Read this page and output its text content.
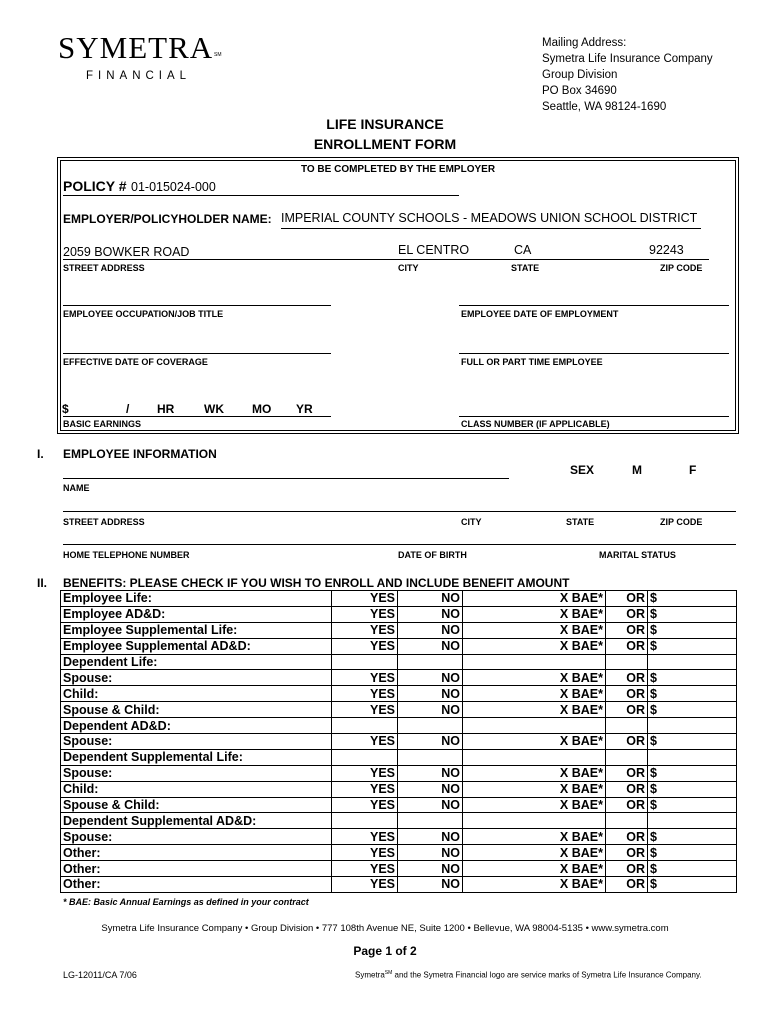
SYMETRA SM
FINANCIAL
Mailing Address:
Symetra Life Insurance Company
Group Division
PO Box 34690
Seattle, WA 98124-1690
LIFE INSURANCE
ENROLLMENT FORM
TO BE COMPLETED BY THE EMPLOYER
POLICY # 01-015024-000
EMPLOYER/POLICYHOLDER NAME: IMPERIAL COUNTY SCHOOLS - MEADOWS UNION SCHOOL DISTRICT
2059 BOWKER ROAD	EL CENTRO	CA	92243
STREET ADDRESS	CITY	STATE	ZIP CODE
EMPLOYEE OCCUPATION/JOB TITLE	EMPLOYEE DATE OF EMPLOYMENT
EFFECTIVE DATE OF COVERAGE	FULL OR PART TIME EMPLOYEE
$	/ HR WK MO YR
BASIC EARNINGS	CLASS NUMBER (IF APPLICABLE)
I. EMPLOYEE INFORMATION
SEX	M	F
NAME
STREET ADDRESS	CITY	STATE	ZIP CODE
HOME TELEPHONE NUMBER	DATE OF BIRTH	MARITAL STATUS
II. BENEFITS: PLEASE CHECK IF YOU WISH TO ENROLL AND INCLUDE BENEFIT AMOUNT
Employee Life:	YES	NO	X BAE*	OR	$
Employee AD&D:	YES	NO	X BAE*	OR	$
Employee Supplemental Life:	YES	NO	X BAE*	OR	$
Employee Supplemental AD&D:	YES	NO	X BAE*	OR	$
Dependent Life:					
Spouse:	YES	NO	X BAE*	OR	$
Child:	YES	NO	X BAE*	OR	$
Spouse & Child:	YES	NO	X BAE*	OR	$
Dependent AD&D:					
Spouse:	YES	NO	X BAE*	OR	$
Dependent Supplemental Life:					
Spouse:	YES	NO	X BAE*	OR	$
Child:	YES	NO	X BAE*	OR	$
Spouse & Child:	YES	NO	X BAE*	OR	$
Dependent Supplemental AD&D:					
Spouse:	YES	NO	X BAE*	OR	$
Other:	YES	NO	X BAE*	OR	$
Other:	YES	NO	X BAE*	OR	$
Other:	YES	NO	X BAE*	OR	$
* BAE: Basic Annual Earnings as defined in your contract
Symetra Life Insurance Company • Group Division • 777 108th Avenue NE, Suite 1200 • Bellevue, WA 98004-5135 • www.symetra.com
Page 1 of 2
LG-12011/CA 7/06	Symetra℠ and the Symetra Financial logo are service marks of Symetra Life Insurance Company.
